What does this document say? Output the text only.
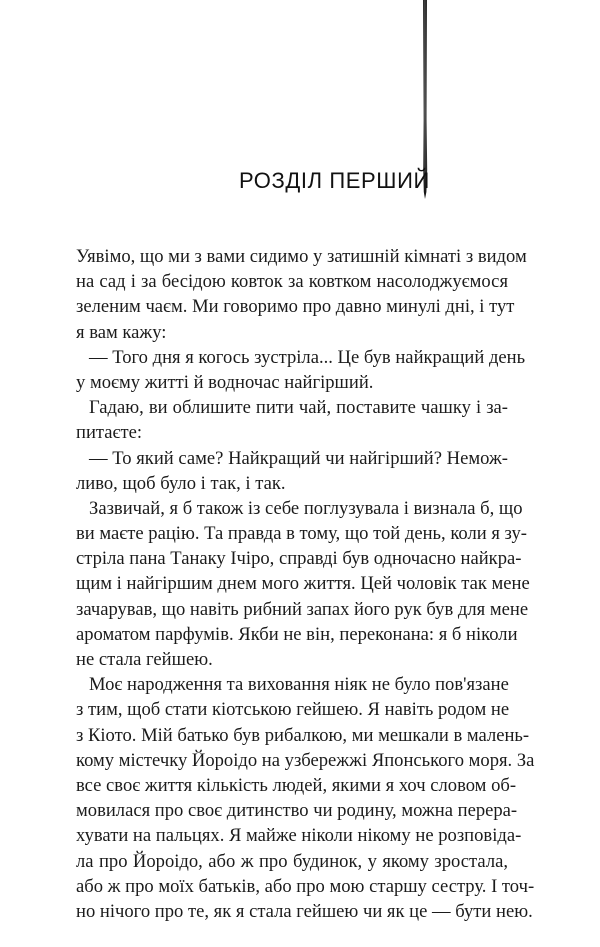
РОЗДІЛ ПЕРШИЙ
Уявімо, що ми з вами сидимо у затишній кімнаті з видом
на сад і за бесідою ковток за ковтком насолоджуємося
зеленим чаєм. Ми говоримо про давно минулі дні, і тут
я вам кажу:
— Того дня я когось зустріла... Це був найкращий день
у моєму житті й водночас найгірший.
Гадаю, ви облишите пити чай, поставите чашку і за-
питаєте:
— То який саме? Найкращий чи найгірший? Немож-
ливо, щоб було і так, і так.
Зазвичай, я б також із себе поглузувала і визнала б, що
ви маєте рацію. Та правда в тому, що той день, коли я зу-
стріла пана Танаку Ічіро, справді був одночасно найкра-
щим і найгіршим днем мого життя. Цей чоловік так мене
зачарував, що навіть рибний запах його рук був для мене
ароматом парфумів. Якби не він, переконана: я б ніколи
не стала гейшею.
Моє народження та виховання ніяк не було пов'язане
з тим, щоб стати кіотською гейшею. Я навіть родом не
з Кіото. Мій батько був рибалкою, ми мешкали в малень-
кому містечку Йороідо на узбережжі Японського моря. За
все своє життя кількість людей, якими я хоч словом об-
мовилася про своє дитинство чи родину, можна перера-
хувати на пальцях. Я майже ніколи нікому не розповіда-
ла про Йороідо, або ж про будинок, у якому зростала,
або ж про моїх батьків, або про мою старшу сестру. І точ-
но нічого про те, як я стала гейшею чи як це — бути нею.
